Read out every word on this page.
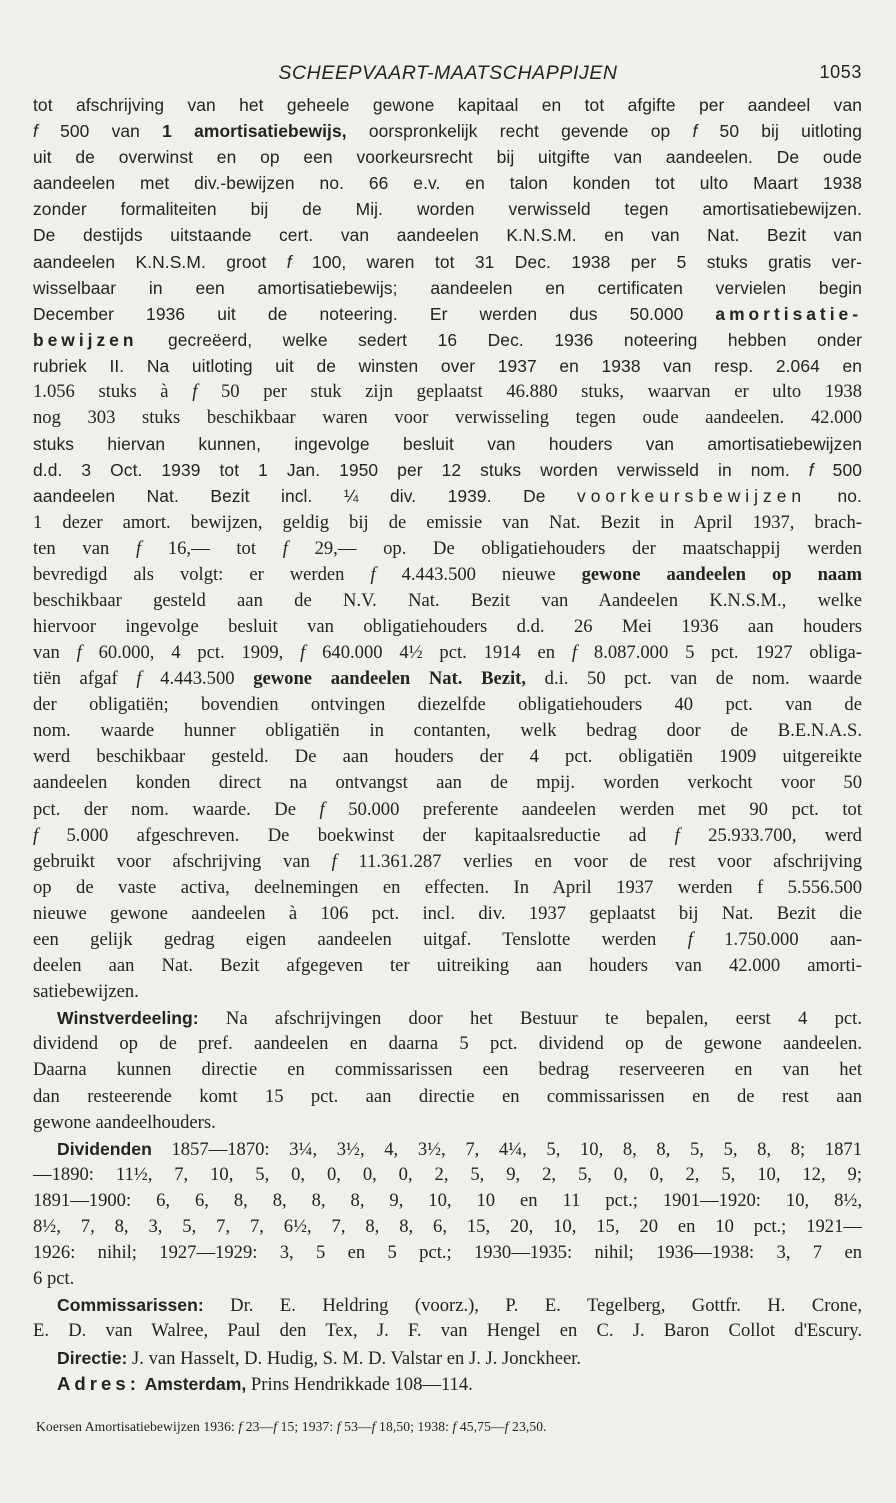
SCHEEPVAART-MAATSCHAPPIJEN	1053
tot afschrijving van het geheele gewone kapitaal en tot afgifte per aandeel van
f 500 van 1 amortisatiebewijs, oorspronkelijk recht gevende op f 50 bij uitloting
uit de overwinst en op een voorkeursrecht bij uitgifte van aandeelen. De oude
aandeelen met div.-bewijzen no. 66 e.v. en talon konden tot ulto Maart 1938
zonder formaliteiten bij de Mij. worden verwisseld tegen amortisatiebewijzen.
De destijds uitstaande cert. van aandeelen K.N.S.M. en van Nat. Bezit van
aandeelen K.N.S.M. groot f 100, waren tot 31 Dec. 1938 per 5 stuks gratis ver-
wisselbaar in een amortisatiebewijs; aandeelen en certificaten vervielen begin
December 1936 uit de noteering. Er werden dus 50.000 amortisatie-
bewijzen gecreëerd, welke sedert 16 Dec. 1936 noteering hebben onder
rubriek II. Na uitloting uit de winsten over 1937 en 1938 van resp. 2.064 en
1.056 stuks à f 50 per stuk zijn geplaatst 46.880 stuks, waarvan er ulto 1938
nog 303 stuks beschikbaar waren voor verwisseling tegen oude aandeelen. 42.000
stuks hiervan kunnen, ingevolge besluit van houders van amortisatiebewijzen
d.d. 3 Oct. 1939 tot 1 Jan. 1950 per 12 stuks worden verwisseld in nom. f 500
aandeelen Nat. Bezit incl. ¼ div. 1939. De voorkeursbewijzen no.
1 dezer amort. bewijzen, geldig bij de emissie van Nat. Bezit in April 1937, brach-
ten van f 16,— tot f 29,— op. De obligatiehouders der maatschappij werden
bevredigd als volgt: er werden f 4.443.500 nieuwe gewone aandeelen op naam
beschikbaar gesteld aan de N.V. Nat. Bezit van Aandeelen K.N.S.M., welke
hiervoor ingevolge besluit van obligatiehouders d.d. 26 Mei 1936 aan houders
van f 60.000, 4 pct. 1909, f 640.000 4½ pct. 1914 en f 8.087.000 5 pct. 1927 obliga-
tiën afgaf f 4.443.500 gewone aandeelen Nat. Bezit, d.i. 50 pct. van de nom. waarde
der obligatiën; bovendien ontvingen diezelfde obligatiehouders 40 pct. van de
nom. waarde hunner obligatiën in contanten, welk bedrag door de B.E.N.A.S.
werd beschikbaar gesteld. De aan houders der 4 pct. obligatiën 1909 uitgereikte
aandeelen konden direct na ontvangst aan de mpij. worden verkocht voor 50
pct. der nom. waarde. De f 50.000 preferente aandeelen werden met 90 pct. tot
f 5.000 afgeschreven. De boekwinst der kapitaalsreductie ad f 25.933.700, werd
gebruikt voor afschrijving van f 11.361.287 verlies en voor de rest voor afschrijving
op de vaste activa, deelnemingen en effecten. In April 1937 werden f 5.556.500
nieuwe gewone aandeelen à 106 pct. incl. div. 1937 geplaatst bij Nat. Bezit die
een gelijk gedrag eigen aandeelen uitgaf. Tenslotte werden f 1.750.000 aan-
deelen aan Nat. Bezit afgegeven ter uitreiking aan houders van 42.000 amorti-
satiebewijzen.
Winstverdeeling: Na afschrijvingen door het Bestuur te bepalen, eerst 4 pct.
dividend op de pref. aandeelen en daarna 5 pct. dividend op de gewone aandeelen.
Daarna kunnen directie en commissarissen een bedrag reserveeren en van het
dan resteerende komt 15 pct. aan directie en commissarissen en de rest aan
gewone aandeelhouders.
Dividenden 1857—1870: 3¼, 3½, 4, 3½, 7, 4¼, 5, 10, 8, 8, 5, 5, 8, 8; 1871
—1890: 11½, 7, 10, 5, 0, 0, 0, 0, 2, 5, 9, 2, 5, 0, 0, 2, 5, 10, 12, 9;
1891—1900: 6, 6, 8, 8, 8, 8, 9, 10, 10 en 11 pct.; 1901—1920: 10, 8½,
8½, 7, 8, 3, 5, 7, 7, 6½, 7, 8, 8, 6, 15, 20, 10, 15, 20 en 10 pct.; 1921—
1926: nihil; 1927—1929: 3, 5 en 5 pct.; 1930—1935: nihil; 1936—1938: 3, 7 en
6 pct.
Commissarissen: Dr. E. Heldring (voorz.), P. E. Tegelberg, Gottfr. H. Crone,
E. D. van Walree, Paul den Tex, J. F. van Hengel en C. J. Baron Collot d'Escury.
Directie: J. van Hasselt, D. Hudig, S. M. D. Valstar en J. J. Jonckheer.
Adres: Amsterdam, Prins Hendrikkade 108—114.
Koersen Amortisatiebewijzen 1936: f 23—f 15; 1937: f 53—f 18,50; 1938: f 45,75—f 23,50.
